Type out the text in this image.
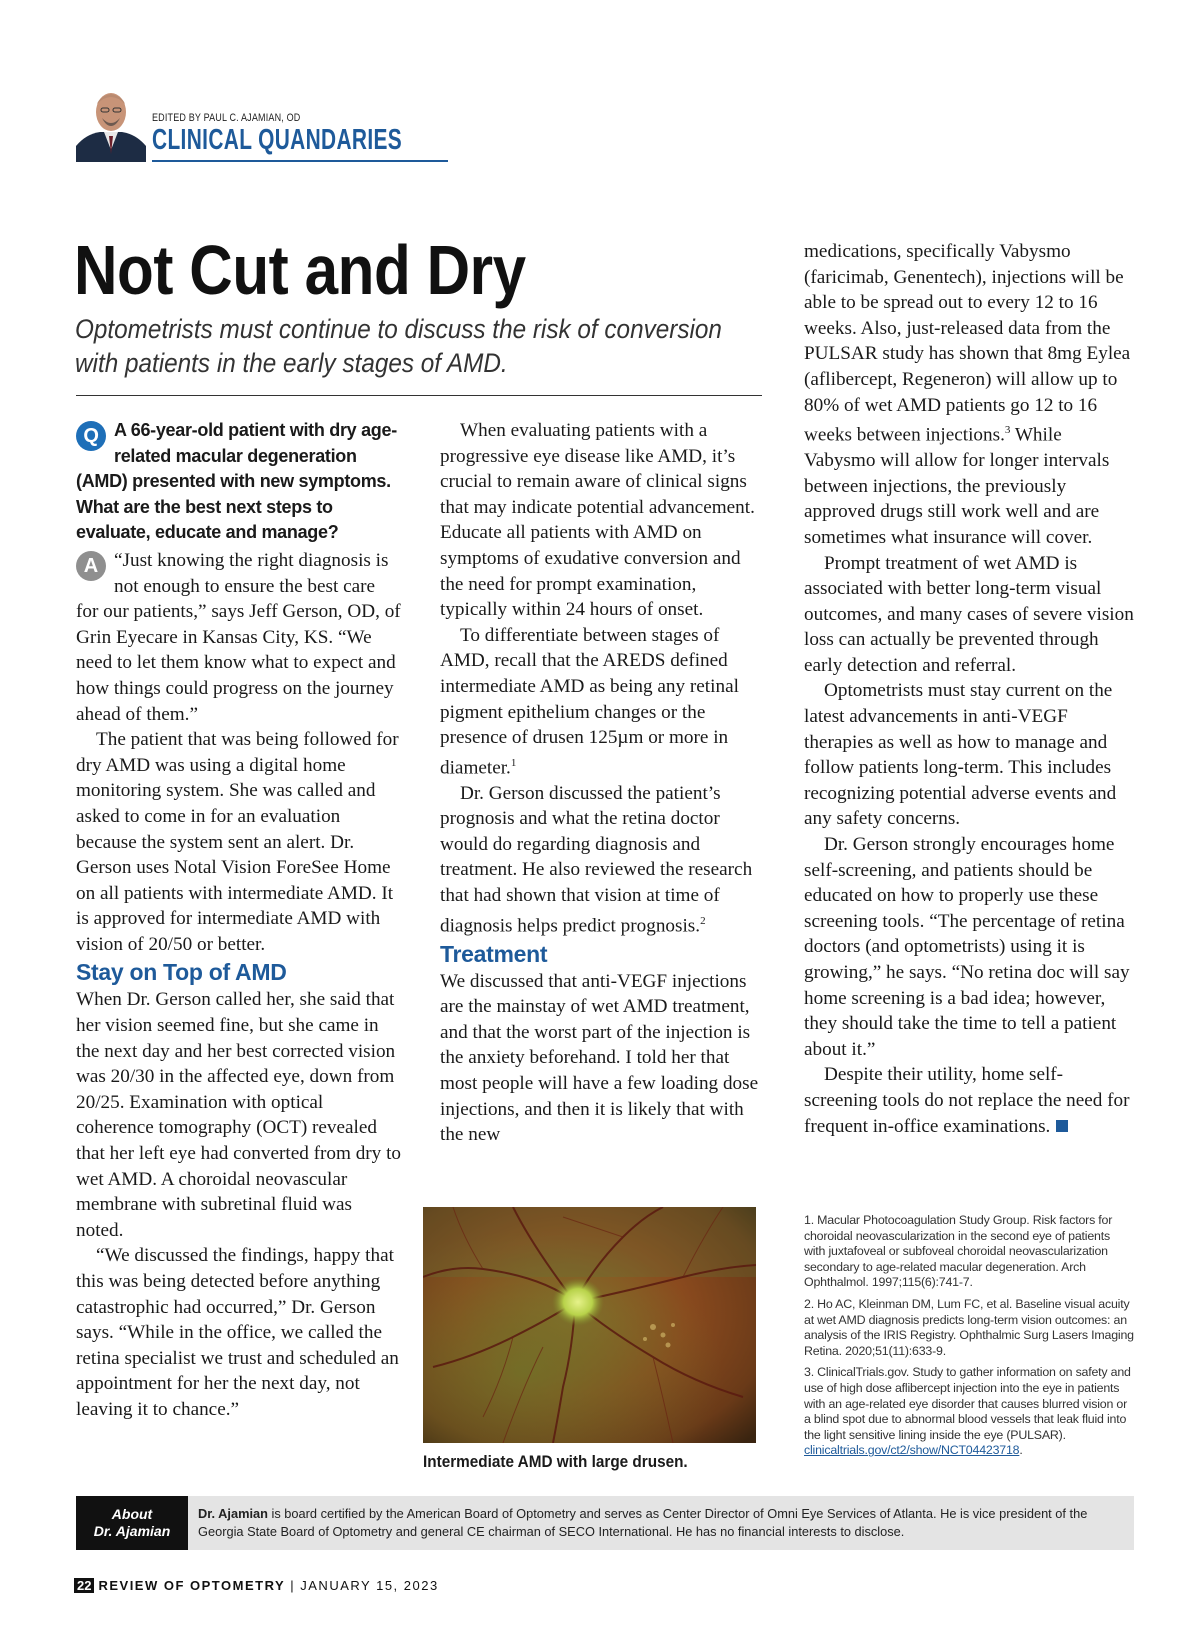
EDITED BY PAUL C. AJAMIAN, OD
CLINICAL QUANDARIES
Not Cut and Dry
Optometrists must continue to discuss the risk of conversion with patients in the early stages of AMD.

Q A 66-year-old patient with dry age-related macular degeneration (AMD) presented with new symptoms. What are the best next steps to evaluate, educate and manage?

A “Just knowing the right diagnosis is not enough to ensure the best care for our patients,” says Jeff Gerson, OD, of Grin Eyecare in Kansas City, KS. “We need to let them know what to expect and how things could progress on the journey ahead of them.”

The patient that was being followed for dry AMD was using a digital home monitoring system. She was called and asked to come in for an evaluation because the system sent an alert. Dr. Gerson uses Notal Vision ForeSee Home on all patients with intermediate AMD. It is approved for intermediate AMD with vision of 20/50 or better.

Stay on Top of AMD

When Dr. Gerson called her, she said that her vision seemed fine, but she came in the next day and her best corrected vision was 20/30 in the affected eye, down from 20/25. Examination with optical coherence tomography (OCT) revealed that her left eye had converted from dry to wet AMD. A choroidal neovascular membrane with subretinal fluid was noted.

“We discussed the findings, happy that this was being detected before anything catastrophic had occurred,” Dr. Gerson says. “While in the office, we called the retina specialist we trust and scheduled an appointment for her the next day, not leaving it to chance.”

When evaluating patients with a progressive eye disease like AMD, it’s crucial to remain aware of clinical signs that may indicate potential advancement. Educate all patients with AMD on symptoms of exudative conversion and the need for prompt examination, typically within 24 hours of onset.

To differentiate between stages of AMD, recall that the AREDS defined intermediate AMD as being any retinal pigment epithelium changes or the presence of drusen 125µm or more in diameter.$^1$

Dr. Gerson discussed the patient’s prognosis and what the retina doctor would do regarding diagnosis and treatment. He also reviewed the research that had shown that vision at time of diagnosis helps predict prognosis.$^2$

Treatment

We discussed that anti-VEGF injections are the mainstay of wet AMD treatment, and that the worst part of the injection is the anxiety beforehand. I told her that most people will have a few loading dose injections, and then it is likely that with the new

medications, specifically Vabysmo (faricimab, Genentech), injections will be able to be spread out to every 12 to 16 weeks. Also, just-released data from the PULSAR study has shown that 8mg Eylea (aflibercept, Regeneron) will allow up to 80% of wet AMD patients go 12 to 16 weeks between injections.$^3$ While Vabysmo will allow for longer intervals between injections, the previously approved drugs still work well and are sometimes what insurance will cover.

Prompt treatment of wet AMD is associated with better long-term visual outcomes, and many cases of severe vision loss can actually be prevented through early detection and referral.

Optometrists must stay current on the latest advancements in anti-VEGF therapies as well as how to manage and follow patients long-term. This includes recognizing potential adverse events and any safety concerns.

Dr. Gerson strongly encourages home self-screening, and patients should be educated on how to properly use these screening tools. “The percentage of retina doctors (and optometrists) using it is growing,” he says. “No retina doc will say home screening is a bad idea; however, they should take the time to tell a patient about it.”

Despite their utility, home self-screening tools do not replace the need for frequent in-office examinations.

Intermediate AMD with large drusen.

1. Macular Photocoagulation Study Group. Risk factors for choroidal neovascularization in the second eye of patients with juxtafoveal or subfoveal choroidal neovascularization secondary to age-related macular degeneration. Arch Ophthalmol. 1997;115(6):741-7.

2. Ho AC, Kleinman DM, Lum FC, et al. Baseline visual acuity at wet AMD diagnosis predicts long-term vision outcomes: an analysis of the IRIS Registry. Ophthalmic Surg Lasers Imaging Retina. 2020;51(11):633-9.

3. ClinicalTrials.gov. Study to gather information on safety and use of high dose aflibercept injection into the eye in patients with an age-related eye disorder that causes blurred vision or a blind spot due to abnormal blood vessels that leak fluid into the light sensitive lining inside the eye (PULSAR). clinicaltrials.gov/ct2/show/NCT04423718.

About
Dr. Ajamian
Dr. Ajamian is board certified by the American Board of Optometry and serves as Center Director of Omni Eye Services of Atlanta. He is vice president of the Georgia State Board of Optometry and general CE chairman of SECO International. He has no financial interests to disclose.
22 REVIEW OF OPTOMETRY | JANUARY 15, 2023
